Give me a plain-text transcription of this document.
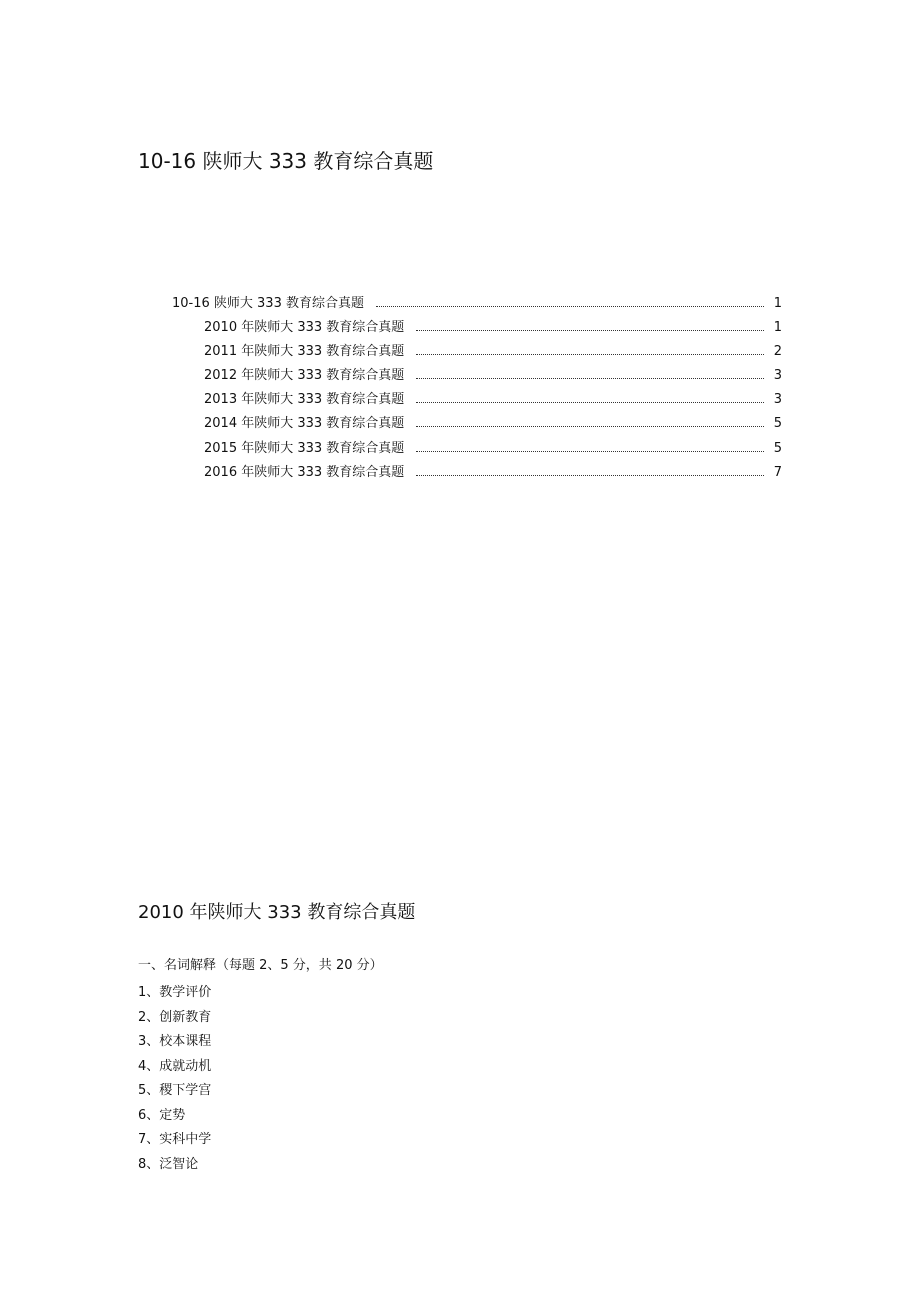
10-16 陕师大 333 教育综合真题
10-16 陕师大 333 教育综合真题	1
2010 年陕师大 333 教育综合真题	1
2011 年陕师大 333 教育综合真题	2
2012 年陕师大 333 教育综合真题	3
2013 年陕师大 333 教育综合真题	3
2014 年陕师大 333 教育综合真题	5
2015 年陕师大 333 教育综合真题	5
2016 年陕师大 333 教育综合真题	7
2010 年陕师大 333 教育综合真题
一、名词解释（每题 2、5 分，共 20 分）
1、教学评价
2、创新教育
3、校本课程
4、成就动机
5、稷下学宫
6、定势
7、实科中学
8、泛智论
